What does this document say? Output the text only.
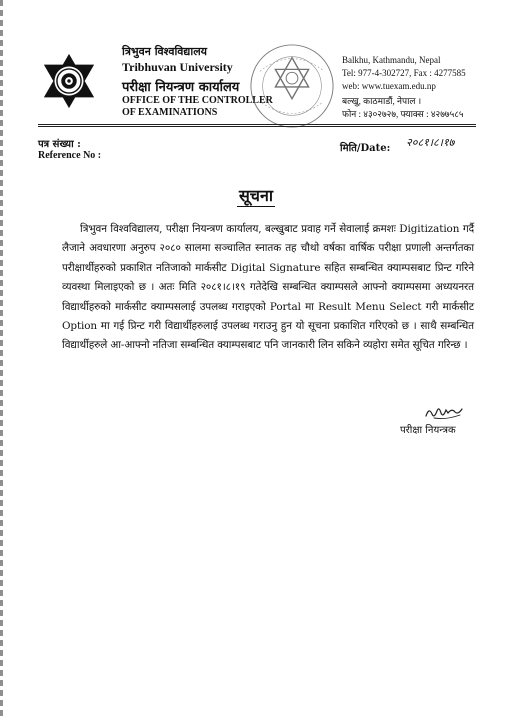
त्रिभुवन विश्वविद्यालय
Tribhuvan University
परीक्षा नियन्त्रण कार्यालय
OFFICE OF THE CONTROLLER
OF EXAMINATIONS
Balkhu, Kathmandu, Nepal
Tel: 977-4-302727, Fax : 4277585
web: www.tuexam.edu.np
बल्खु, काठमाडौं, नेपाल ।
फोन : ४३०२७२७, फ्याक्स : ४२७७५८५
पत्र संख्या :
Reference No :
मिति/Date: २०८१।८।१७
सूचना
त्रिभुवन विश्वविद्यालय, परीक्षा नियन्त्रण कार्यालय, बल्खुबाट प्रवाह गर्ने सेवालाई क्रमशः Digitization गर्दै लैजाने अवधारणा अनुरुप २०८० सालमा सञ्चालित स्नातक तह चौथो वर्षका वार्षिक परीक्षा प्रणाली अन्तर्गतका परीक्षार्थीहरुको प्रकाशित नतिजाको मार्कसीट Digital Signature सहित सम्बन्धित क्याम्पसबाट प्रिन्ट गरिने व्यवस्था मिलाइएको छ । अतः मिति २०८१।८।१९ गतेदेखि सम्बन्धित क्याम्पसले आफ्नो क्याम्पसमा अध्ययनरत विद्यार्थीहरुको मार्कसीट क्याम्पसलाई उपलब्ध गराइएको Portal मा Result Menu Select गरी मार्कसीट Option मा गई प्रिन्ट गरी विद्यार्थीहरुलाई उपलब्ध गराउनु हुन यो सूचना प्रकाशित गरिएको छ । साथै सम्बन्धित विद्यार्थीहरुले आ-आफ्नो नतिजा सम्बन्धित क्याम्पसबाट पनि जानकारी लिन सकिने व्यहोरा समेत सूचित गरिन्छ ।
परीक्षा नियन्त्रक
